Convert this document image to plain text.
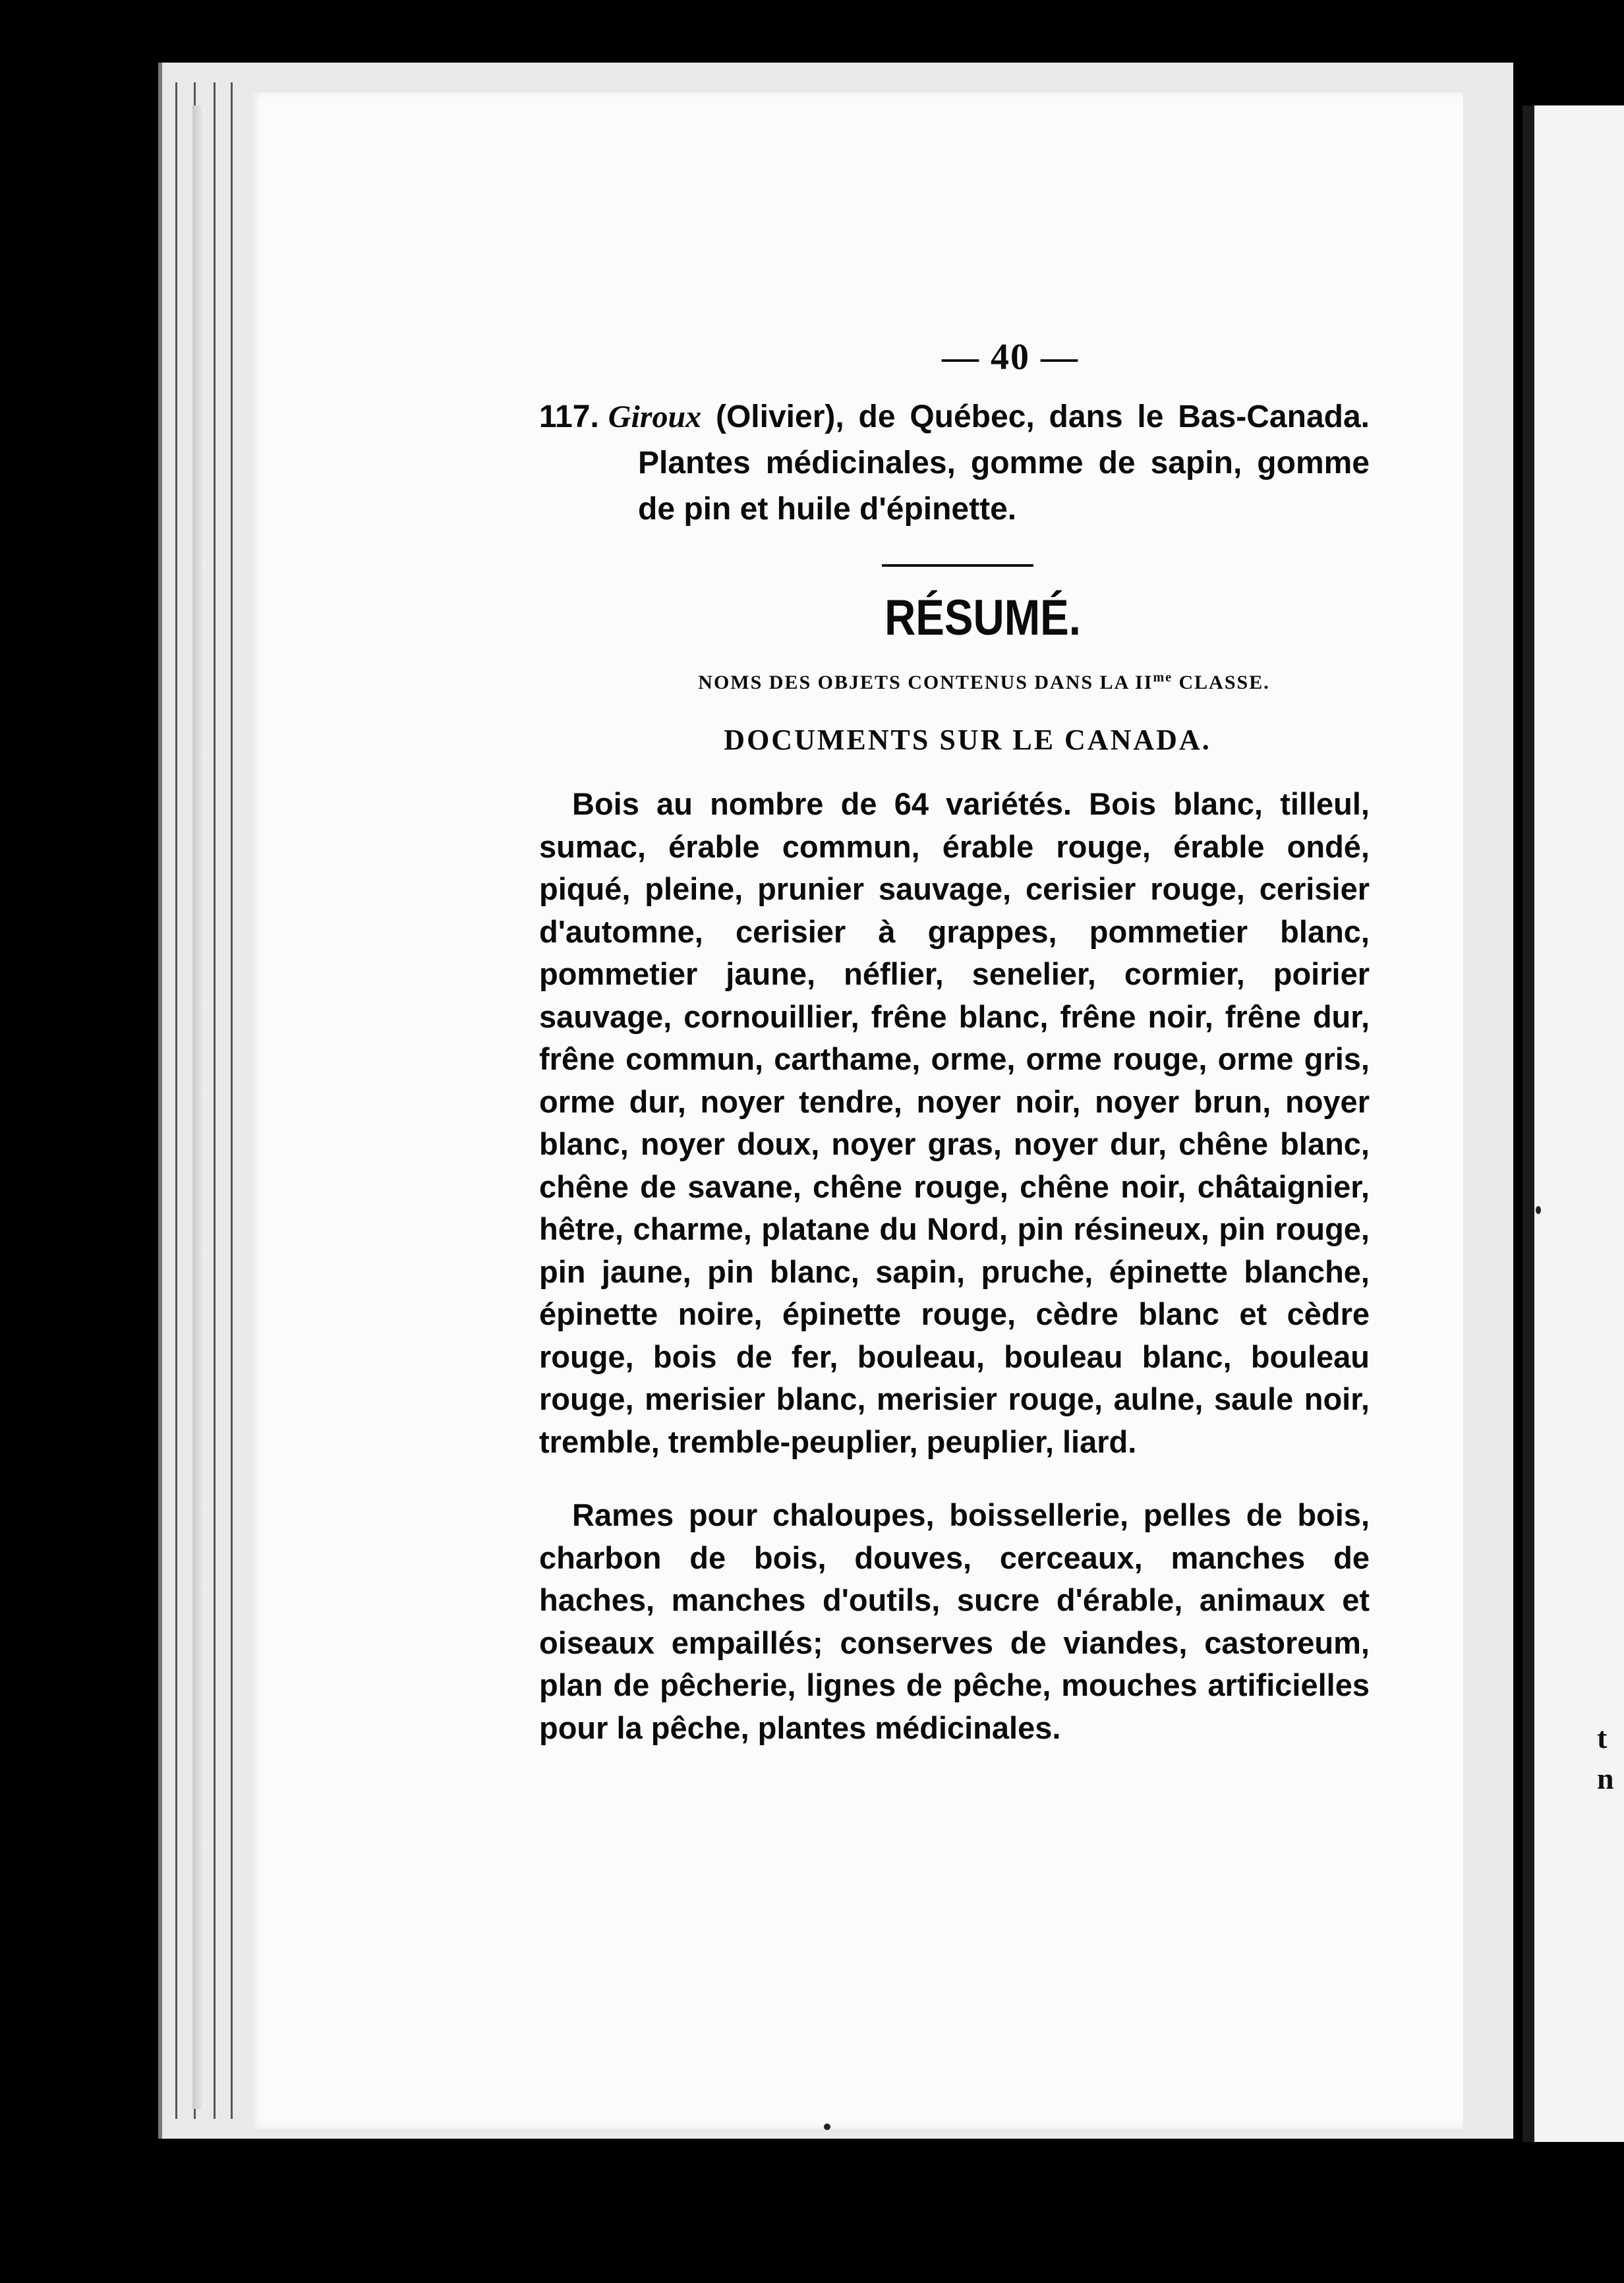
t
n
— 40 —
117. Giroux (Olivier), de Québec, dans le Bas-Canada. Plantes médicinales, gomme de sapin, gomme de pin et huile d'épinette.
RÉSUMÉ.
NOMS DES OBJETS CONTENUS DANS LA $II^{me}$ CLASSE.
DOCUMENTS SUR LE CANADA.

Bois au nombre de 64 variétés. Bois blanc, tilleul, sumac, érable commun, érable rouge, érable ondé, piqué, pleine, prunier sauvage, cerisier rouge, cerisier d'automne, cerisier à grappes, pommetier blanc, pommetier jaune, néflier, senelier, cormier, poirier sauvage, cornouillier, frêne blanc, frêne noir, frêne dur, frêne commun, carthame, orme, orme rouge, orme gris, orme dur, noyer tendre, noyer noir, noyer brun, noyer blanc, noyer doux, noyer gras, noyer dur, chêne blanc, chêne de savane, chêne rouge, chêne noir, châtaignier, hêtre, charme, platane du Nord, pin résineux, pin rouge, pin jaune, pin blanc, sapin, pruche, épinette blanche, épinette noire, épinette rouge, cèdre blanc et cèdre rouge, bois de fer, bouleau, bouleau blanc, bouleau rouge, merisier blanc, merisier rouge, aulne, saule noir, tremble, tremble-peuplier, peuplier, liard.

Rames pour chaloupes, boissellerie, pelles de bois, charbon de bois, douves, cerceaux, manches de haches, manches d'outils, sucre d'érable, animaux et oiseaux empaillés; conserves de viandes, castoreum, plan de pêcherie, lignes de pêche, mouches artificielles pour la pêche, plantes médicinales.
